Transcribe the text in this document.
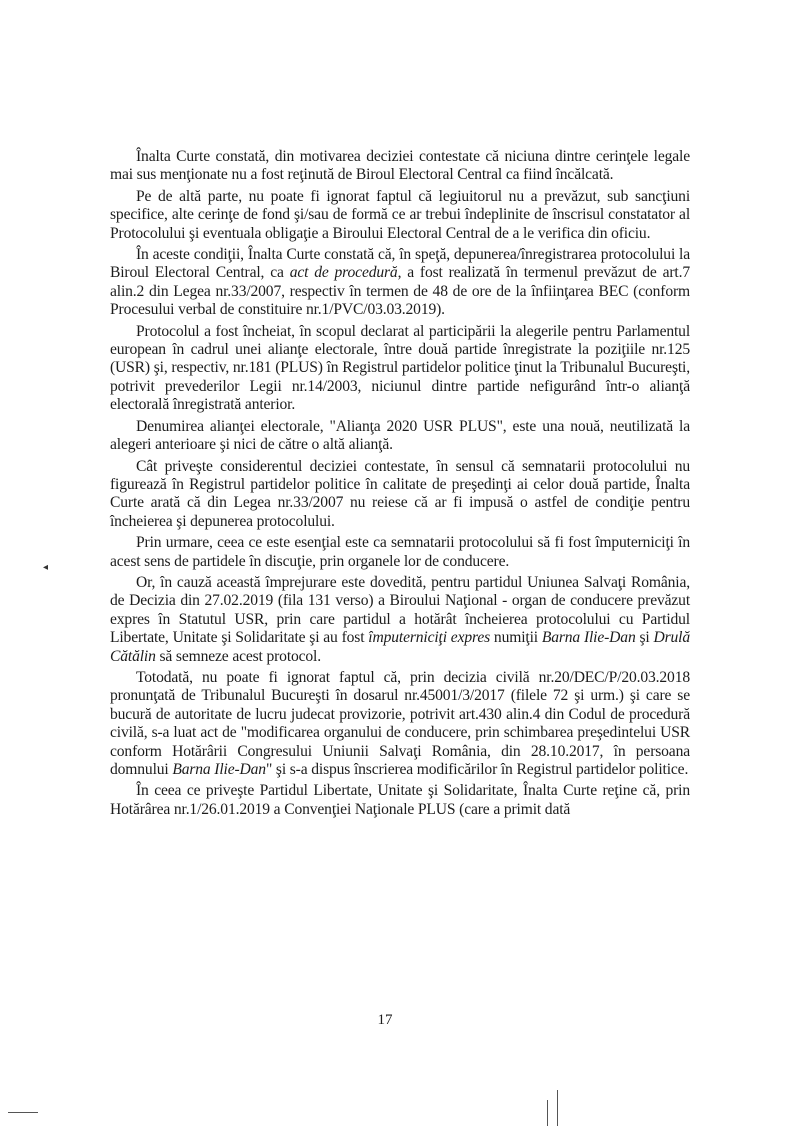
Înalta Curte constată, din motivarea deciziei contestate că niciuna dintre cerinţele legale mai sus menţionate nu a fost reţinută de Biroul Electoral Central ca fiind încălcată.

Pe de altă parte, nu poate fi ignorat faptul că legiuitorul nu a prevăzut, sub sancţiuni specifice, alte cerinţe de fond şi/sau de formă ce ar trebui îndeplinite de înscrisul constatator al Protocolului şi eventuala obligaţie a Biroului Electoral Central de a le verifica din oficiu.

În aceste condiţii, Înalta Curte constată că, în speţă, depunerea/înregistrarea protocolului la Biroul Electoral Central, ca act de procedură, a fost realizată în termenul prevăzut de art.7 alin.2 din Legea nr.33/2007, respectiv în termen de 48 de ore de la înfiinţarea BEC (conform Procesului verbal de constituire nr.1/PVC/03.03.2019).

Protocolul a fost încheiat, în scopul declarat al participării la alegerile pentru Parlamentul european în cadrul unei alianţe electorale, între două partide înregistrate la poziţiile nr.125 (USR) şi, respectiv, nr.181 (PLUS) în Registrul partidelor politice ţinut la Tribunalul Bucureşti, potrivit prevederilor Legii nr.14/2003, niciunul dintre partide nefigurând într-o alianţă electorală înregistrată anterior.

Denumirea alianţei electorale, "Alianţa 2020 USR PLUS", este una nouă, neutilizată la alegeri anterioare şi nici de către o altă alianţă.

Cât priveşte considerentul deciziei contestate, în sensul că semnatarii protocolului nu figurează în Registrul partidelor politice în calitate de preşedinţi ai celor două partide, Înalta Curte arată că din Legea nr.33/2007 nu reiese că ar fi impusă o astfel de condiţie pentru încheierea şi depunerea protocolului.

Prin urmare, ceea ce este esenţial este ca semnatarii protocolului să fi fost împuterniciţi în acest sens de partidele în discuţie, prin organele lor de conducere.

Or, în cauză această împrejurare este dovedită, pentru partidul Uniunea Salvaţi România, de Decizia din 27.02.2019 (fila 131 verso) a Biroului Naţional - organ de conducere prevăzut expres în Statutul USR, prin care partidul a hotărât încheierea protocolului cu Partidul Libertate, Unitate şi Solidaritate şi au fost împuterniciţi expres numiţii Barna Ilie-Dan şi Drulă Cătălin să semneze acest protocol.

Totodată, nu poate fi ignorat faptul că, prin decizia civilă nr.20/DEC/P/20.03.2018 pronunţată de Tribunalul Bucureşti în dosarul nr.45001/3/2017 (filele 72 şi urm.) şi care se bucură de autoritate de lucru judecat provizorie, potrivit art.430 alin.4 din Codul de procedură civilă, s-a luat act de "modificarea organului de conducere, prin schimbarea preşedintelui USR conform Hotărârii Congresului Uniunii Salvaţi România, din 28.10.2017, în persoana domnului Barna Ilie-Dan" şi s-a dispus înscrierea modificărilor în Registrul partidelor politice.

În ceea ce priveşte Partidul Libertate, Unitate şi Solidaritate, Înalta Curte reţine că, prin Hotărârea nr.1/26.01.2019 a Convenţiei Naţionale PLUS (care a primit dată

17
◂
